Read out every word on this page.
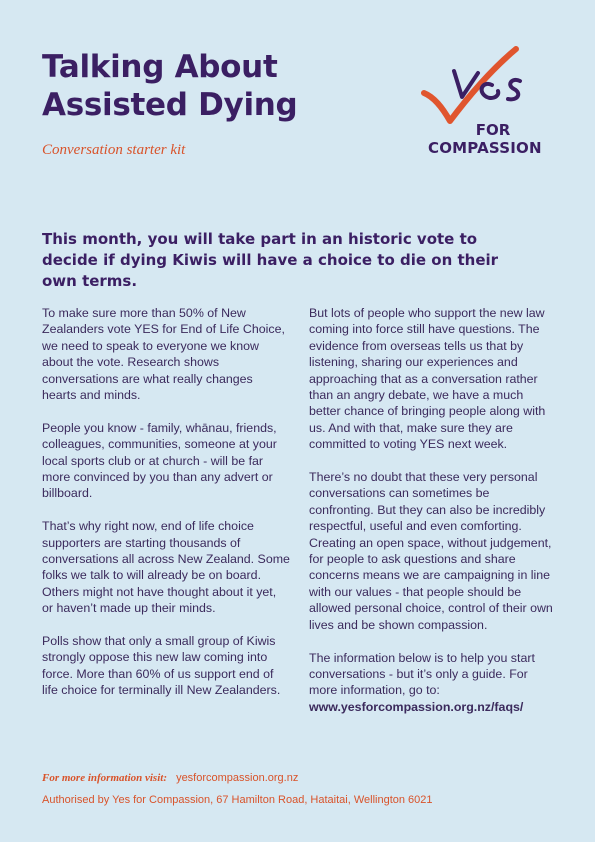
Talking About
Assisted Dying
Conversation starter kit
Yes
FOR
COMPASSION
This month, you will take part in an historic vote to decide if dying Kiwis will have a choice to die on their own terms.

To make sure more than 50% of New Zealanders vote YES for End of Life Choice, we need to speak to everyone we know about the vote. Research shows conversations are what really changes hearts and minds.

People you know - family, whānau, friends, colleagues, communities, someone at your local sports club or at church - will be far more convinced by you than any advert or billboard.

That’s why right now, end of life choice supporters are starting thousands of conversations all across New Zealand. Some folks we talk to will already be on board. Others might not have thought about it yet, or haven’t made up their minds.

Polls show that only a small group of Kiwis strongly oppose this new law coming into force. More than 60% of us support end of life choice for terminally ill New Zealanders.

But lots of people who support the new law coming into force still have questions. The evidence from overseas tells us that by listening, sharing our experiences and approaching that as a conversation rather than an angry debate, we have a much better chance of bringing people along with us. And with that, make sure they are committed to voting YES next week.

There’s no doubt that these very personal conversations can sometimes be confronting. But they can also be incredibly respectful, useful and even comforting. Creating an open space, without judgement, for people to ask questions and share concerns means we are campaigning in line with our values - that people should be allowed personal choice, control of their own lives and be shown compassion.

The information below is to help you start conversations - but it’s only a guide. For more information, go to:

www.yesforcompassion.org.nz/faqs/
For more information visit: yesforcompassion.org.nz
Authorised by Yes for Compassion, 67 Hamilton Road, Hataitai, Wellington 6021
